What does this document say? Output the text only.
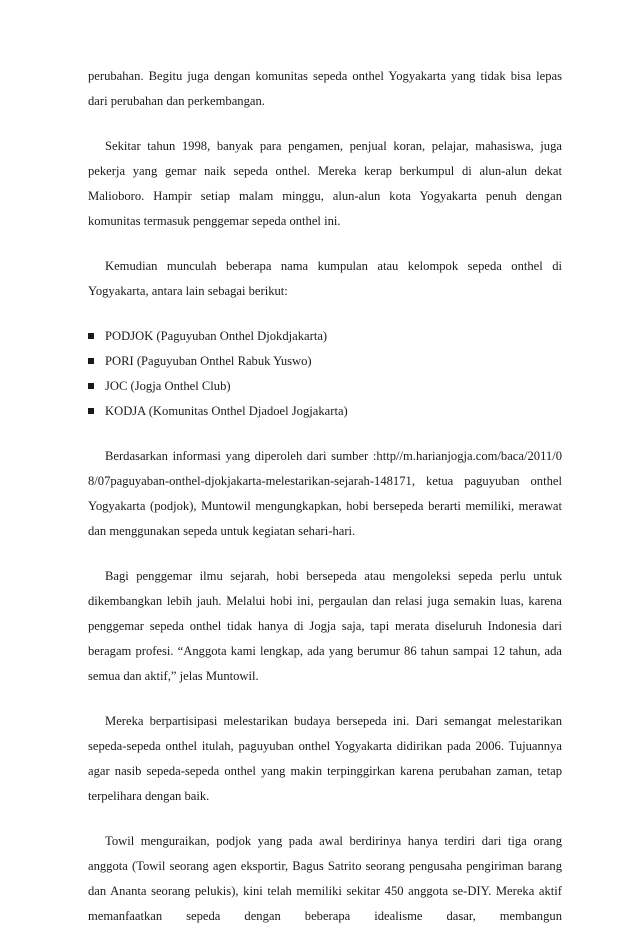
perubahan. Begitu juga dengan komunitas sepeda onthel Yogyakarta yang tidak bisa lepas dari perubahan dan perkembangan.

Sekitar tahun 1998, banyak para pengamen, penjual koran, pelajar, mahasiswa, juga pekerja yang gemar naik sepeda onthel. Mereka kerap berkumpul di alun-alun dekat Malioboro. Hampir setiap malam minggu, alun-alun kota Yogyakarta penuh dengan komunitas termasuk penggemar sepeda onthel ini.

Kemudian munculah beberapa nama kumpulan atau kelompok sepeda onthel di Yogyakarta, antara lain sebagai berikut:

PODJOK (Paguyuban Onthel Djokdjakarta)
PORI (Paguyuban Onthel Rabuk Yuswo)
JOC (Jogja Onthel Club)
KODJA (Komunitas Onthel Djadoel Jogjakarta)

Berdasarkan informasi yang diperoleh dari sumber :http//m.harianjogja.com/baca/2011/08/07paguyaban-onthel-djokjakarta-melestarikan-sejarah-148171, ketua paguyuban onthel Yogyakarta (podjok), Muntowil mengungkapkan, hobi bersepeda berarti memiliki, merawat dan menggunakan sepeda untuk kegiatan sehari-hari.

Bagi penggemar ilmu sejarah, hobi bersepeda atau mengoleksi sepeda perlu untuk dikembangkan lebih jauh. Melalui hobi ini, pergaulan dan relasi juga semakin luas, karena penggemar sepeda onthel tidak hanya di Jogja saja, tapi merata diseluruh Indonesia dari beragam profesi. “Anggota kami lengkap, ada yang berumur 86 tahun sampai 12 tahun, ada semua dan aktif,” jelas Muntowil.

Mereka berpartisipasi melestarikan budaya bersepeda ini. Dari semangat melestarikan sepeda-sepeda onthel itulah, paguyuban onthel Yogyakarta didirikan pada 2006. Tujuannya agar nasib sepeda-sepeda onthel yang makin terpinggirkan karena perubahan zaman, tetap terpelihara dengan baik.

Towil menguraikan, podjok yang pada awal berdirinya hanya terdiri dari tiga orang anggota (Towil seorang agen eksportir, Bagus Satrito seorang pengusaha pengiriman barang dan Ananta seorang pelukis), kini telah memiliki sekitar 450 anggota se-DIY. Mereka aktif memanfaatkan sepeda dengan beberapa idealisme dasar, membangun
